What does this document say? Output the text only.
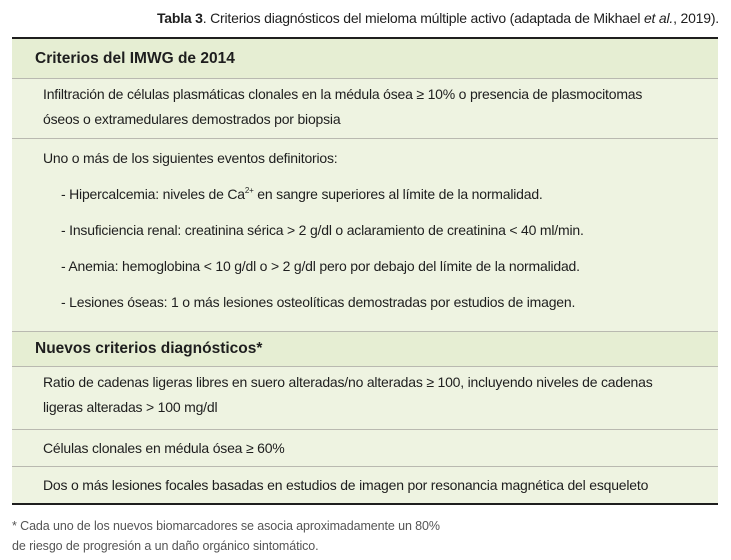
Tabla 3. Criterios diagnósticos del mieloma múltiple activo (adaptada de Mikhael et al., 2019).
Criterios del IMWG de 2014
Infiltración de células plasmáticas clonales en la médula ósea ≥ 10% o presencia de plasmocitomas
óseos o extramedulares demostrados por biopsia
Uno o más de los siguientes eventos definitorios:
- Hipercalcemia: niveles de $Ca^{2+}$ en sangre superiores al límite de la normalidad.
- Insuficiencia renal: creatinina sérica > 2 g/dl o aclaramiento de creatinina < 40 ml/min.
- Anemia: hemoglobina < 10 g/dl o > 2 g/dl pero por debajo del límite de la normalidad.
- Lesiones óseas: 1 o más lesiones osteolíticas demostradas por estudios de imagen.
Nuevos criterios diagnósticos*
Ratio de cadenas ligeras libres en suero alteradas/no alteradas ≥ 100, incluyendo niveles de cadenas
ligeras alteradas > 100 mg/dl
Células clonales en médula ósea ≥ 60%
Dos o más lesiones focales basadas en estudios de imagen por resonancia magnética del esqueleto
* Cada uno de los nuevos biomarcadores se asocia aproximadamente un 80%
de riesgo de progresión a un daño orgánico sintomático.
